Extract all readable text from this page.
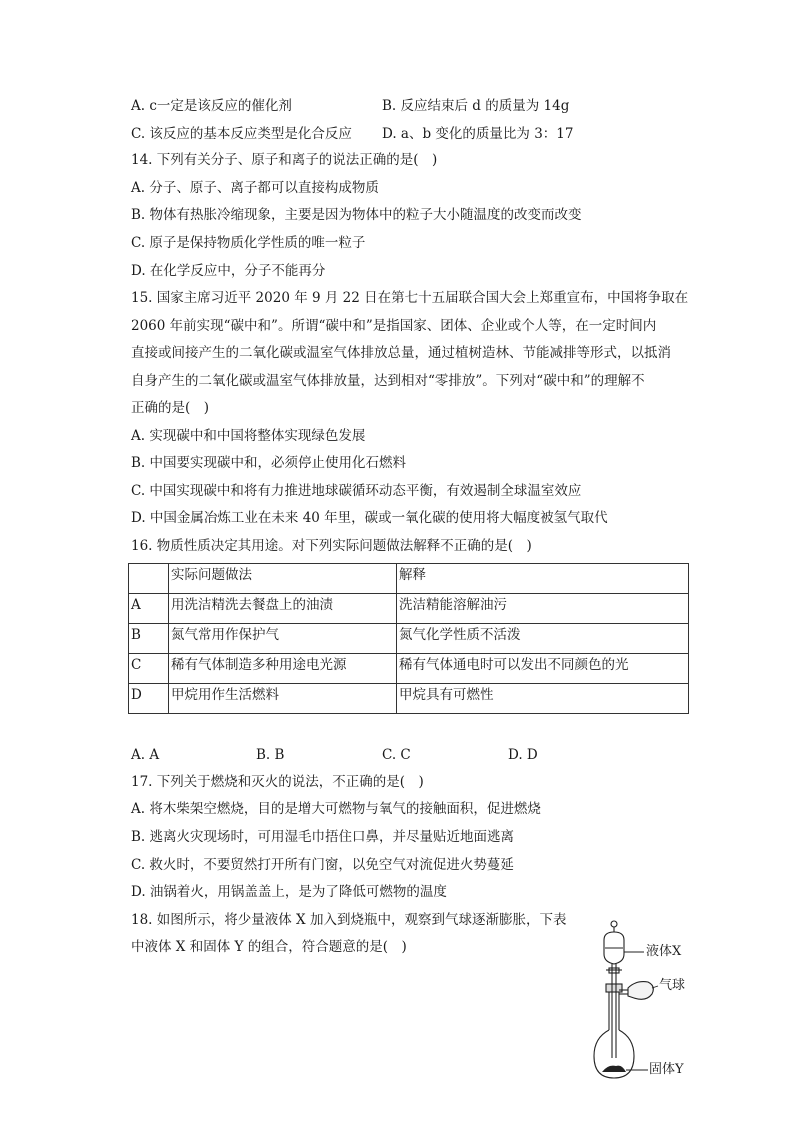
A. c一定是该反应的催化剂	B. 反应结束后 d 的质量为 14g
C. 该反应的基本反应类型是化合反应 D. a、b 变化的质量比为 3：17
14. 下列有关分子、原子和离子的说法正确的是(　)
A. 分子、原子、离子都可以直接构成物质
B. 物体有热胀冷缩现象，主要是因为物体中的粒子大小随温度的改变而改变
C. 原子是保持物质化学性质的唯一粒子
D. 在化学反应中，分子不能再分
15. 国家主席习近平 2020 年 9 月 22 日在第七十五届联合国大会上郑重宣布，中国将争取在
2060 年前实现“碳中和”。所谓“碳中和”是指国家、团体、企业或个人等，在一定时间内
直接或间接产生的二氧化碳或温室气体排放总量，通过植树造林、节能减排等形式，以抵消
自身产生的二氧化碳或温室气体排放量，达到相对“零排放”。下列对“碳中和”的理解不
正确的是(　)
A. 实现碳中和中国将整体实现绿色发展
B. 中国要实现碳中和，必须停止使用化石燃料
C. 中国实现碳中和将有力推进地球碳循环动态平衡，有效遏制全球温室效应
D. 中国金属冶炼工业在未来 40 年里，碳或一氧化碳的使用将大幅度被氢气取代
16. 物质性质决定其用途。对下列实际问题做法解释不正确的是(　)
	实际问题做法	解释
A	用洗洁精洗去餐盘上的油渍	洗洁精能溶解油污
B	氮气常用作保护气	氮气化学性质不活泼
C	稀有气体制造多种用途电光源	稀有气体通电时可以发出不同颜色的光
D	甲烷用作生活燃料	甲烷具有可燃性
A. A	B. B	C. C	D. D
17. 下列关于燃烧和灭火的说法，不正确的是(　)
A. 将木柴架空燃烧，目的是增大可燃物与氧气的接触面积，促进燃烧
B. 逃离火灾现场时，可用湿毛巾捂住口鼻，并尽量贴近地面逃离
C. 救火时，不要贸然打开所有门窗，以免空气对流促进火势蔓延
D. 油锅着火，用锅盖盖上，是为了降低可燃物的温度
18. 如图所示，将少量液体 X 加入到烧瓶中，观察到气球逐渐膨胀，下表
中液体 X 和固体 Y 的组合，符合题意的是(　)	液体X
气球
固体Y
